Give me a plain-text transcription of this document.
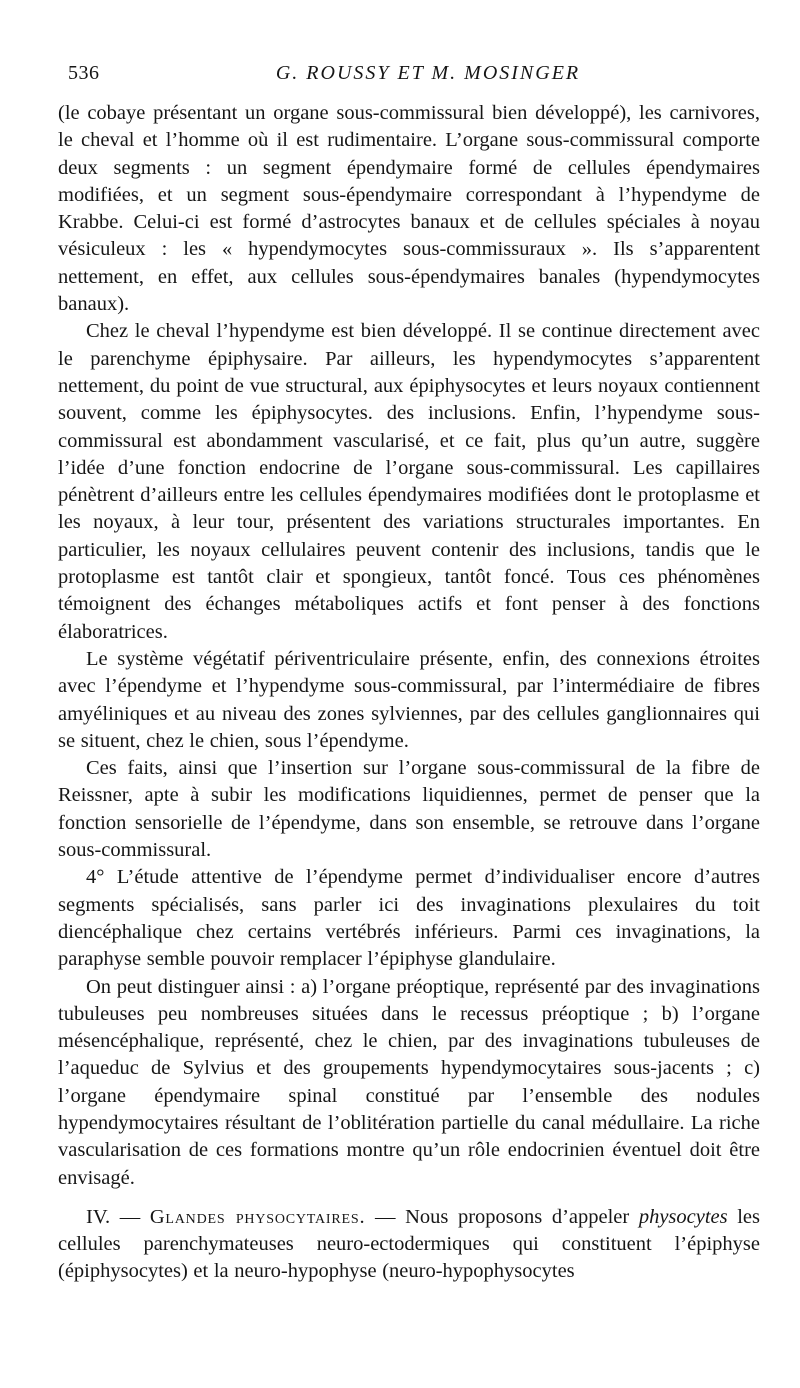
536	G. ROUSSY ET M. MOSINGER

(le cobaye présentant un organe sous-commissural bien développé), les carnivores, le cheval et l’homme où il est rudimentaire. L’organe sous-commissural comporte deux segments : un segment épendymaire formé de cellules épendymaires modifiées, et un segment sous-épendymaire correspondant à l’hypendyme de Krabbe. Celui-ci est formé d’astrocytes banaux et de cellules spéciales à noyau vésiculeux : les « hypendymocytes sous-commissuraux ». Ils s’apparentent nettement, en effet, aux cellules sous-épendymaires banales (hypendymocytes banaux).

Chez le cheval l’hypendyme est bien développé. Il se continue directement avec le parenchyme épiphysaire. Par ailleurs, les hypendymocytes s’apparentent nettement, du point de vue structural, aux épiphysocytes et leurs noyaux contiennent souvent, comme les épiphysocytes. des inclusions. Enfin, l’hypendyme sous-commissural est abondamment vascularisé, et ce fait, plus qu’un autre, suggère l’idée d’une fonction endocrine de l’organe sous-commissural. Les capillaires pénètrent d’ailleurs entre les cellules épendymaires modifiées dont le protoplasme et les noyaux, à leur tour, présentent des variations structurales importantes. En particulier, les noyaux cellulaires peuvent contenir des inclusions, tandis que le protoplasme est tantôt clair et spongieux, tantôt foncé. Tous ces phénomènes témoignent des échanges métaboliques actifs et font penser à des fonctions élaboratrices.

Le système végétatif périventriculaire présente, enfin, des connexions étroites avec l’épendyme et l’hypendyme sous-commissural, par l’intermédiaire de fibres amyéliniques et au niveau des zones sylviennes, par des cellules ganglionnaires qui se situent, chez le chien, sous l’épendyme.

Ces faits, ainsi que l’insertion sur l’organe sous-commissural de la fibre de Reissner, apte à subir les modifications liquidiennes, permet de penser que la fonction sensorielle de l’épendyme, dans son ensemble, se retrouve dans l’organe sous-commissural.

4° L’étude attentive de l’épendyme permet d’individualiser encore d’autres segments spécialisés, sans parler ici des invaginations plexulaires du toit diencéphalique chez certains vertébrés inférieurs. Parmi ces invaginations, la paraphyse semble pouvoir remplacer l’épiphyse glandulaire.

On peut distinguer ainsi : a) l’organe préoptique, représenté par des invaginations tubuleuses peu nombreuses situées dans le recessus préoptique ; b) l’organe mésencéphalique, représenté, chez le chien, par des invaginations tubuleuses de l’aqueduc de Sylvius et des groupements hypendymocytaires sous-jacents ; c) l’organe épendymaire spinal constitué par l’ensemble des nodules hypendymocytaires résultant de l’oblitération partielle du canal médullaire. La riche vascularisation de ces formations montre qu’un rôle endocrinien éventuel doit être envisagé.

IV. — Glandes physocytaires. — Nous proposons d’appeler physocytes les cellules parenchymateuses neuro-ectodermiques qui constituent l’épiphyse (épiphysocytes) et la neuro-hypophyse (neuro-hypophysocytes
